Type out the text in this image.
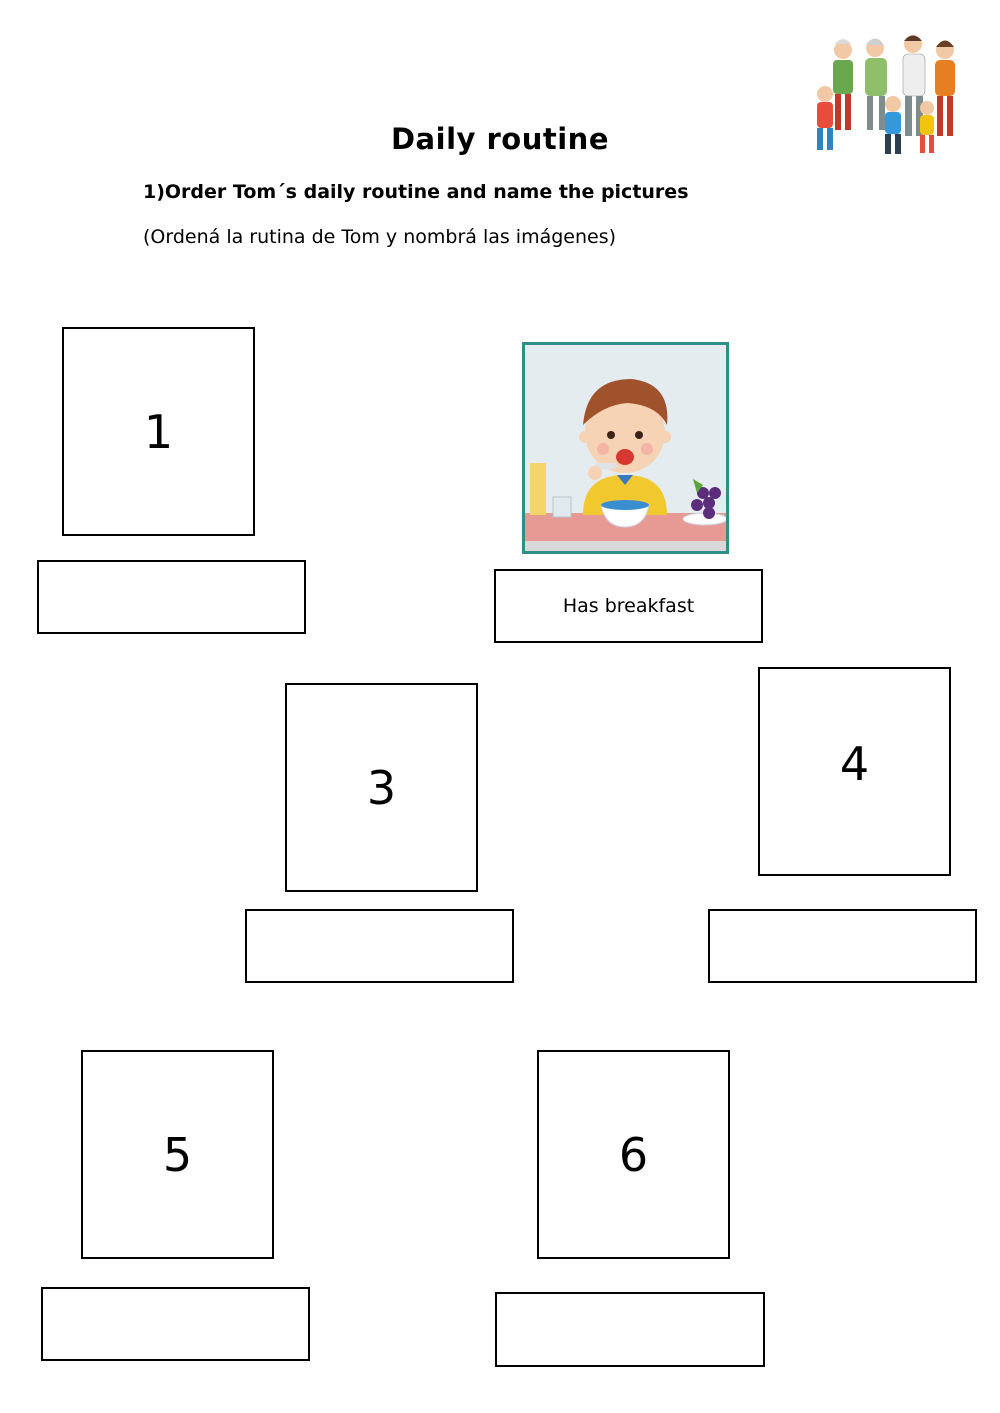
Daily routine
1)Order Tom´s daily routine and name the pictures
(Ordená la rutina de Tom y nombrá las imágenes)
1
Has breakfast
3	4
5	6
